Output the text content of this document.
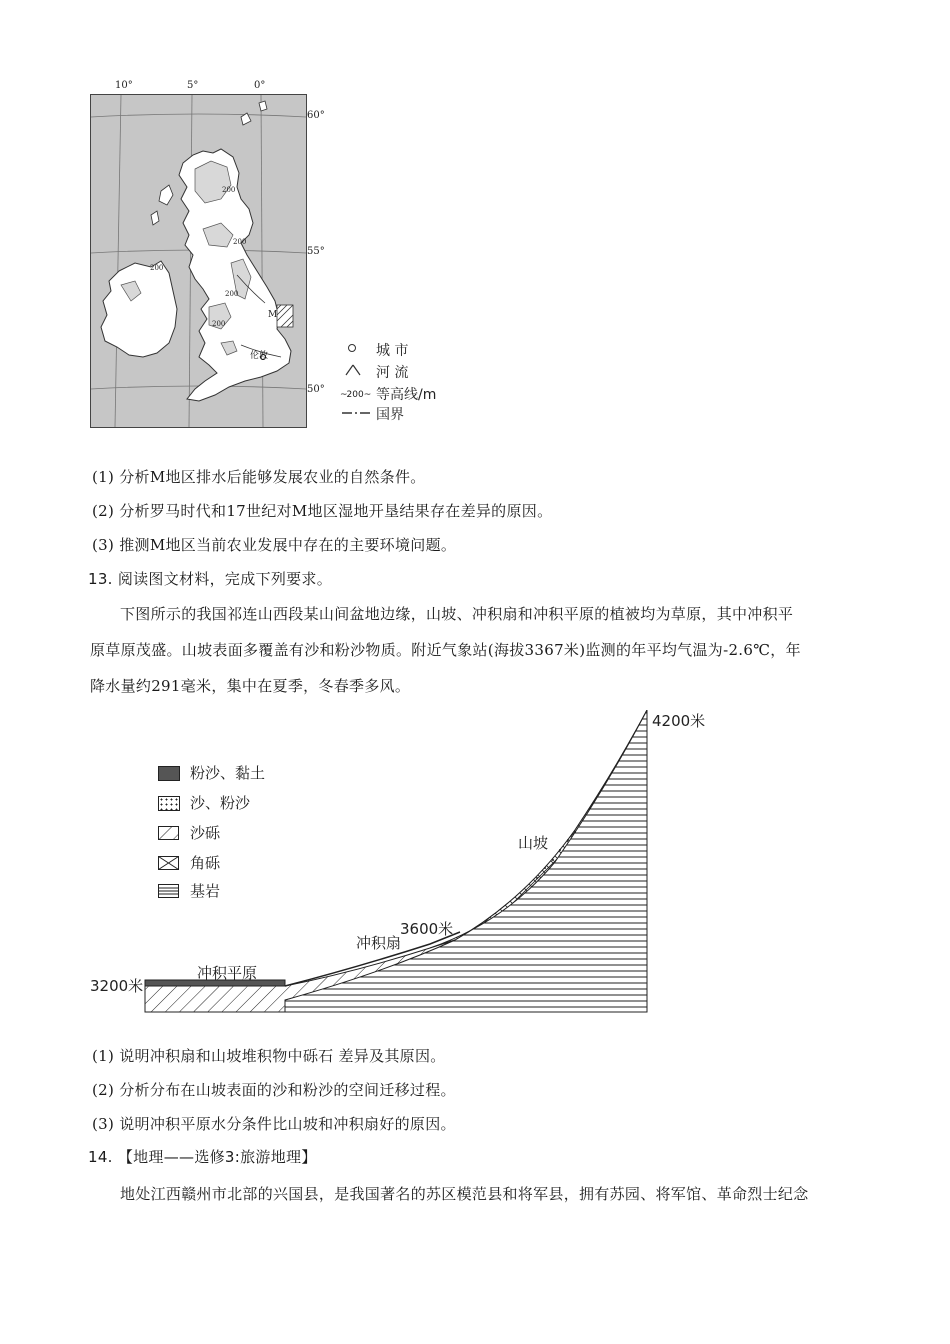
10°	5°	0°
60°
55°
50°
200
200
200
200
200
M
伦敦	城 市
河 流
~200~ 等高线/m
国界
(1) 分析M地区排水后能够发展农业的自然条件。
(2) 分析罗马时代和17世纪对M地区湿地开垦结果存在差异的原因。
(3) 推测M地区当前农业发展中存在的主要环境问题。
13. 阅读图文材料，完成下列要求。
下图所示的我国祁连山西段某山间盆地边缘，山坡、冲积扇和冲积平原的植被均为草原，其中冲积平
原草原茂盛。山坡表面多覆盖有沙和粉沙物质。附近气象站(海拔3367米)监测的年平均气温为-2.6℃，年
降水量约291毫米，集中在夏季，冬春季多风。
粉沙、黏土
沙、粉沙
沙砾
角砾
基岩
4200米
山坡
3600米
冲积扇
冲积平原
3200米
(1) 说明冲积扇和山坡堆积物中砾石 差异及其原因。
(2) 分析分布在山坡表面的沙和粉沙的空间迁移过程。
(3) 说明冲积平原水分条件比山坡和冲积扇好的原因。
14. 【地理——选修3:旅游地理】
地处江西赣州市北部的兴国县，是我国著名的苏区模范县和将军县，拥有苏园、将军馆、革命烈士纪念
